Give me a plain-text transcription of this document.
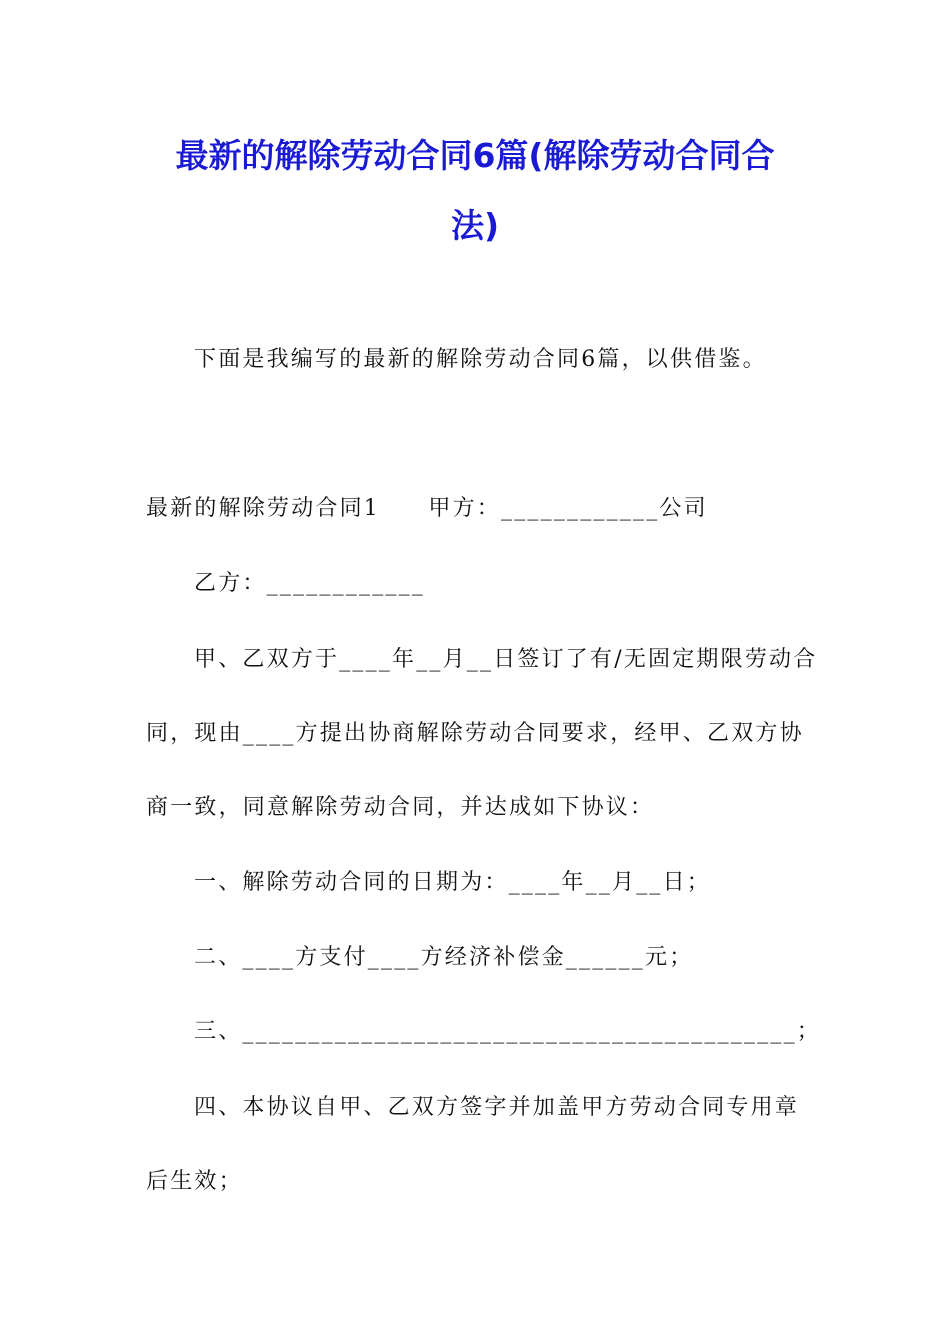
最新的解除劳动合同6篇(解除劳动合同合
法)
下面是我编写的最新的解除劳动合同6篇，以供借鉴。
最新的解除劳动合同1　　甲方：____________公司
乙方：____________
甲、乙双方于____年__月__日签订了有/无固定期限劳动合
同，现由____方提出协商解除劳动合同要求，经甲、乙双方协
商一致，同意解除劳动合同，并达成如下协议：
一、解除劳动合同的日期为：____年__月__日；
二、____方支付____方经济补偿金______元；
三、__________________________________________；
四、本协议自甲、乙双方签字并加盖甲方劳动合同专用章
后生效；
